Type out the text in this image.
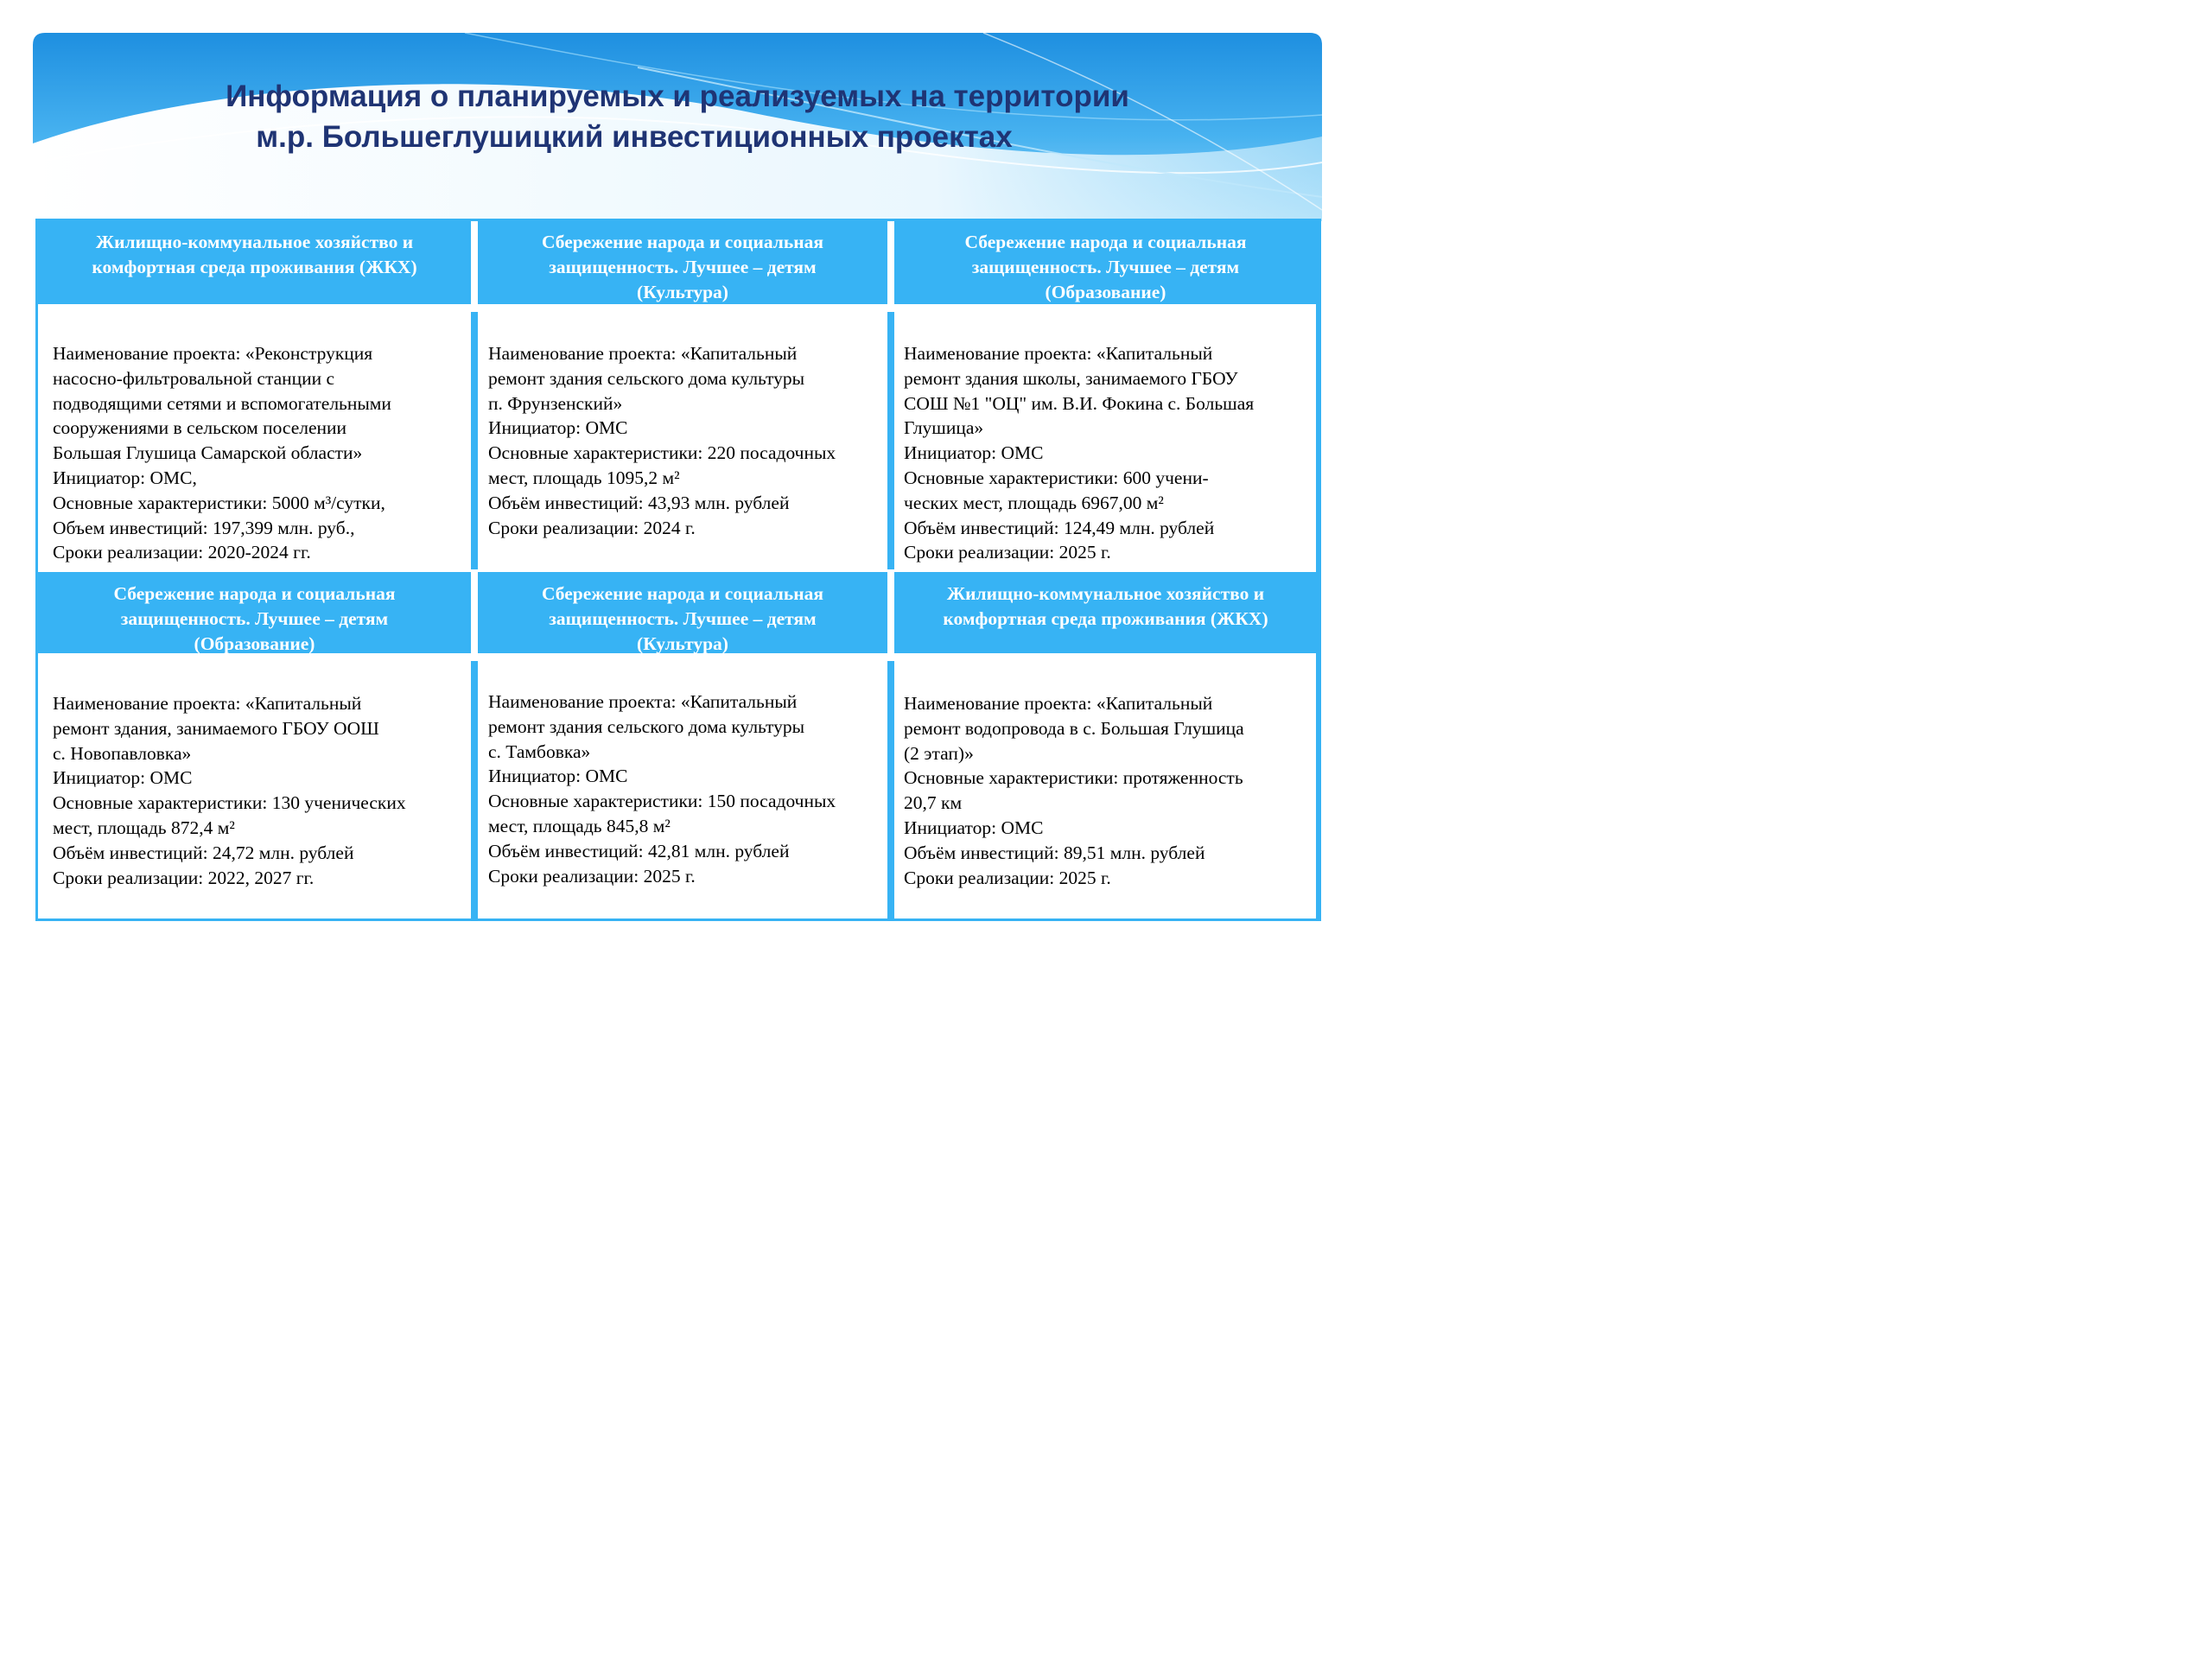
Информация о планируемых и реализуемых на территории
м.р. Большеглушицкий инвестиционных проектах
Жилищно-коммунальное хозяйство и
комфортная среда проживания (ЖКХ)
Сбережение народа и социальная
защищенность. Лучшее – детям
(Культура)
Сбережение народа и социальная
защищенность. Лучшее – детям
(Образование)
Наименование проекта: «Реконструкция
насосно-фильтровальной станции с
подводящими сетями и вспомогательными
сооружениями в сельском поселении
Большая Глушица Самарской области»
Инициатор: ОМС,
Основные характеристики: 5000 м³/сутки,
Объем инвестиций: 197,399 млн. руб.,
Сроки реализации: 2020-2024 гг.
Наименование проекта: «Капитальный
ремонт здания сельского дома культуры
п. Фрунзенский»
Инициатор: ОМС
Основные характеристики: 220 посадочных
мест, площадь 1095,2 м²
Объём инвестиций: 43,93 млн. рублей
Сроки реализации: 2024 г.
Наименование проекта: «Капитальный
ремонт здания школы, занимаемого ГБОУ
СОШ №1 "ОЦ" им. В.И. Фокина с. Большая
Глушица»
Инициатор: ОМС
Основные характеристики: 600 учени-
ческих мест, площадь 6967,00 м²
Объём инвестиций: 124,49 млн. рублей
Сроки реализации: 2025 г.
Сбережение народа и социальная
защищенность. Лучшее – детям
(Образование)
Сбережение народа и социальная
защищенность. Лучшее – детям
(Культура)
Жилищно-коммунальное хозяйство и
комфортная среда проживания (ЖКХ)
Наименование проекта: «Капитальный
ремонт здания, занимаемого ГБОУ ООШ
с. Новопавловка»
Инициатор: ОМС
Основные характеристики: 130 ученических
мест, площадь 872,4 м²
Объём инвестиций: 24,72 млн. рублей
Сроки реализации: 2022, 2027 гг.
Наименование проекта: «Капитальный
ремонт здания сельского дома культуры
с. Тамбовка»
Инициатор: ОМС
Основные характеристики: 150 посадочных
мест, площадь 845,8 м²
Объём инвестиций: 42,81 млн. рублей
Сроки реализации: 2025 г.
Наименование проекта: «Капитальный
ремонт водопровода в с. Большая Глушица
(2 этап)»
Основные характеристики: протяженность
20,7 км
Инициатор: ОМС
Объём инвестиций: 89,51 млн. рублей
Сроки реализации: 2025 г.
